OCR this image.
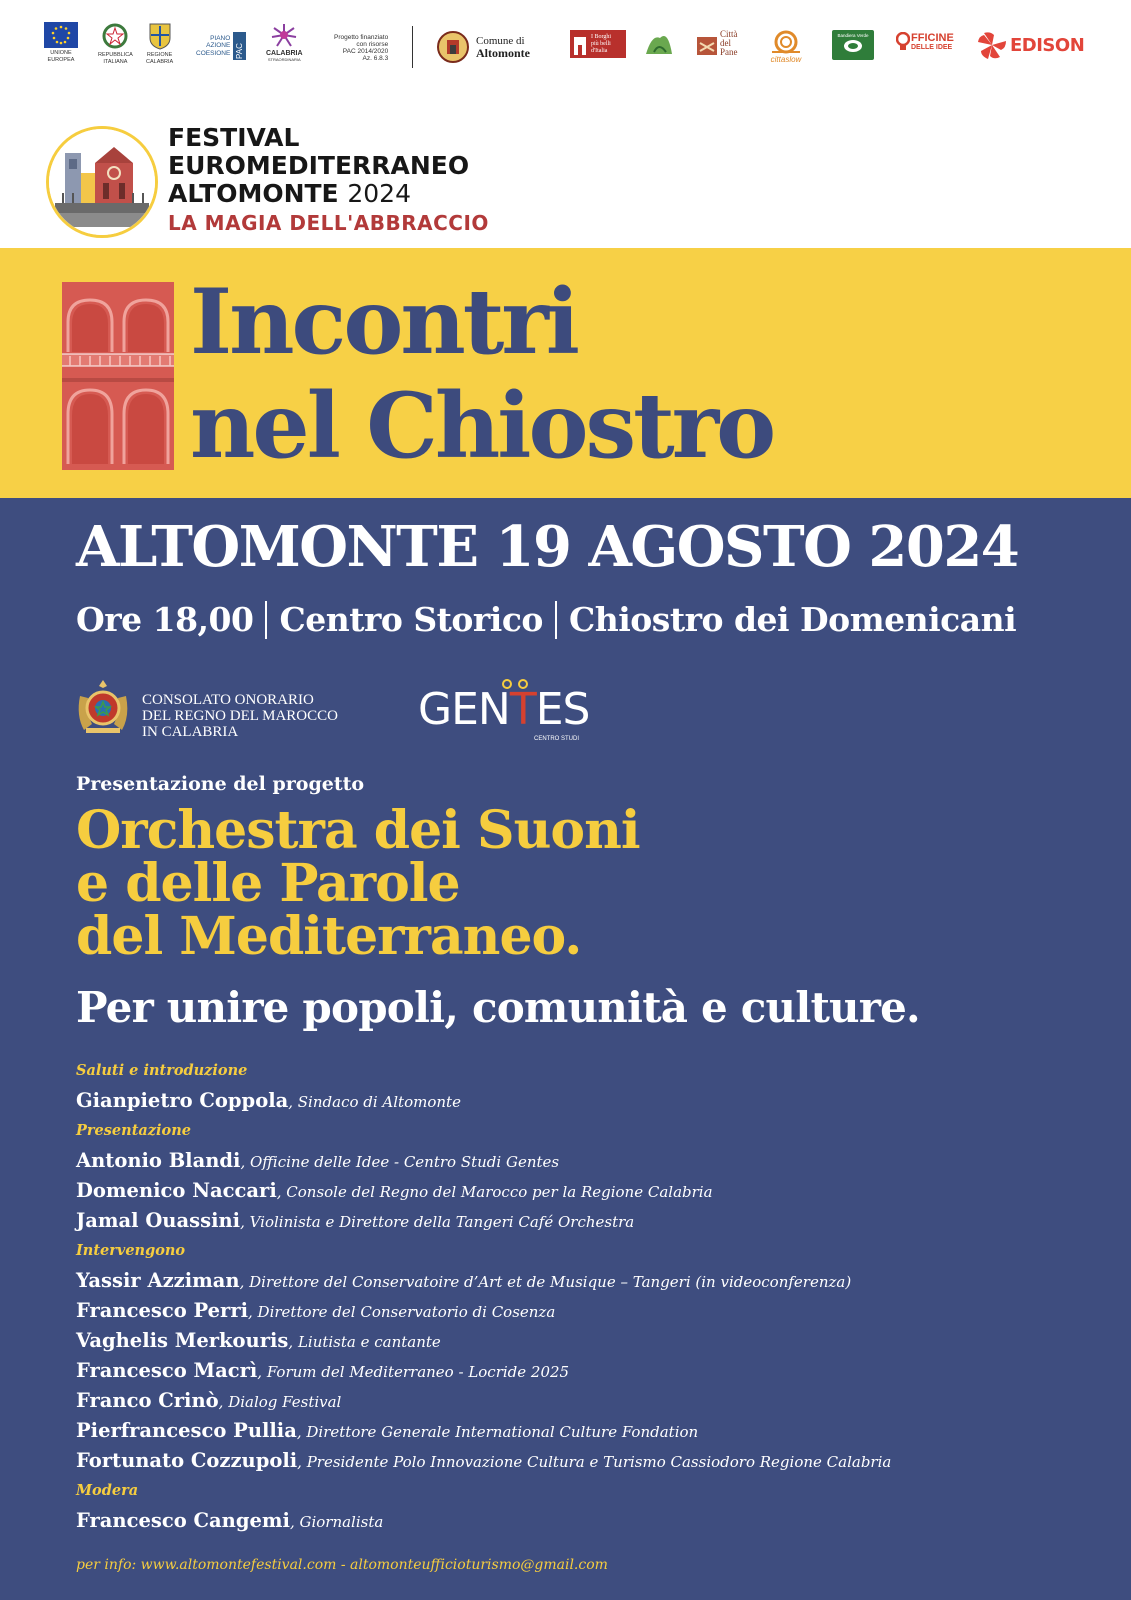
UNIONE
EUROPEA
REPUBBLICA
ITALIANA
REGIONE
CALABRIA
PIANO
AZIONE
COESIONE PAC	CALABRIA
STRAORDINARIA
Progetto finanziato
con risorse
PAC 2014/2020
Az. 6.8.3
Comune di
Altomonte
I Borghi
più belli
d'Italia
Città
del
Pane
cittaslow
Bandiera Verde	FFICINE
DELLE IDEE	EDISON
FESTIVAL
EUROMEDITERRANEO
ALTOMONTE 2024
LA MAGIA DELL'ABBRACCIO
Incontri
nel Chiostro
ALTOMONTE 19 AGOSTO 2024
Ore 18,00 Centro Storico Chiostro dei Domenicani
CONSOLATO ONORARIO
DEL REGNO DEL MAROCCO
IN CALABRIA	GENTES
CENTRO STUDI
Presentazione del progetto
Orchestra dei Suoni
e delle Parole
del Mediterraneo.
Per unire popoli, comunità e culture.
Saluti e introduzione
Gianpietro Coppola, Sindaco di Altomonte
Presentazione
Antonio Blandi, Officine delle Idee - Centro Studi Gentes
Domenico Naccari, Console del Regno del Marocco per la Regione Calabria
Jamal Ouassini, Violinista e Direttore della Tangeri Café Orchestra
Intervengono
Yassir Azziman, Direttore del Conservatoire d’Art et de Musique – Tangeri (in videoconferenza)
Francesco Perri, Direttore del Conservatorio di Cosenza
Vaghelis Merkouris, Liutista e cantante
Francesco Macrì, Forum del Mediterraneo - Locride 2025
Franco Crinò, Dialog Festival
Pierfrancesco Pullia, Direttore Generale International Culture Fondation
Fortunato Cozzupoli, Presidente Polo Innovazione Cultura e Turismo Cassiodoro Regione Calabria
Modera
Francesco Cangemi, Giornalista
per info: www.altomontefestival.com - altomonteufficioturismo@gmail.com
